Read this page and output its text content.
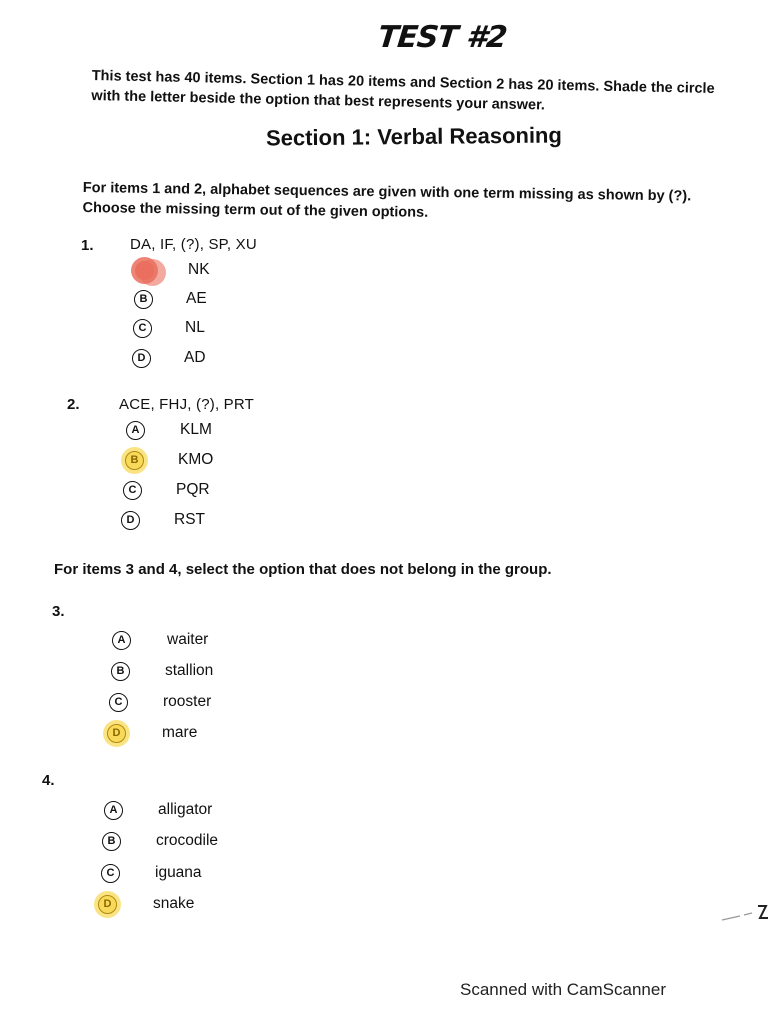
TEST #2
This test has 40 items. Section 1 has 20 items and Section 2 has 20 items. Shade the circle with the letter beside the option that best represents your answer.
Section 1: Verbal Reasoning
For items 1 and 2, alphabet sequences are given with one term missing as shown by (?). Choose the missing term out of the given options.
1. DA, IF, (?), SP, XU
A	NK
B	AE
C	NL
D	AD
2.	ACE, FHJ, (?), PRT
A	KLM
B	KMO
C	PQR
D	RST
For items 3 and 4, select the option that does not belong in the group.
3.
A	waiter
B	stallion
C	rooster
D	mare
4.
A	alligator
B	crocodile
C	iguana
D	snake
Scanned with CamScanner
